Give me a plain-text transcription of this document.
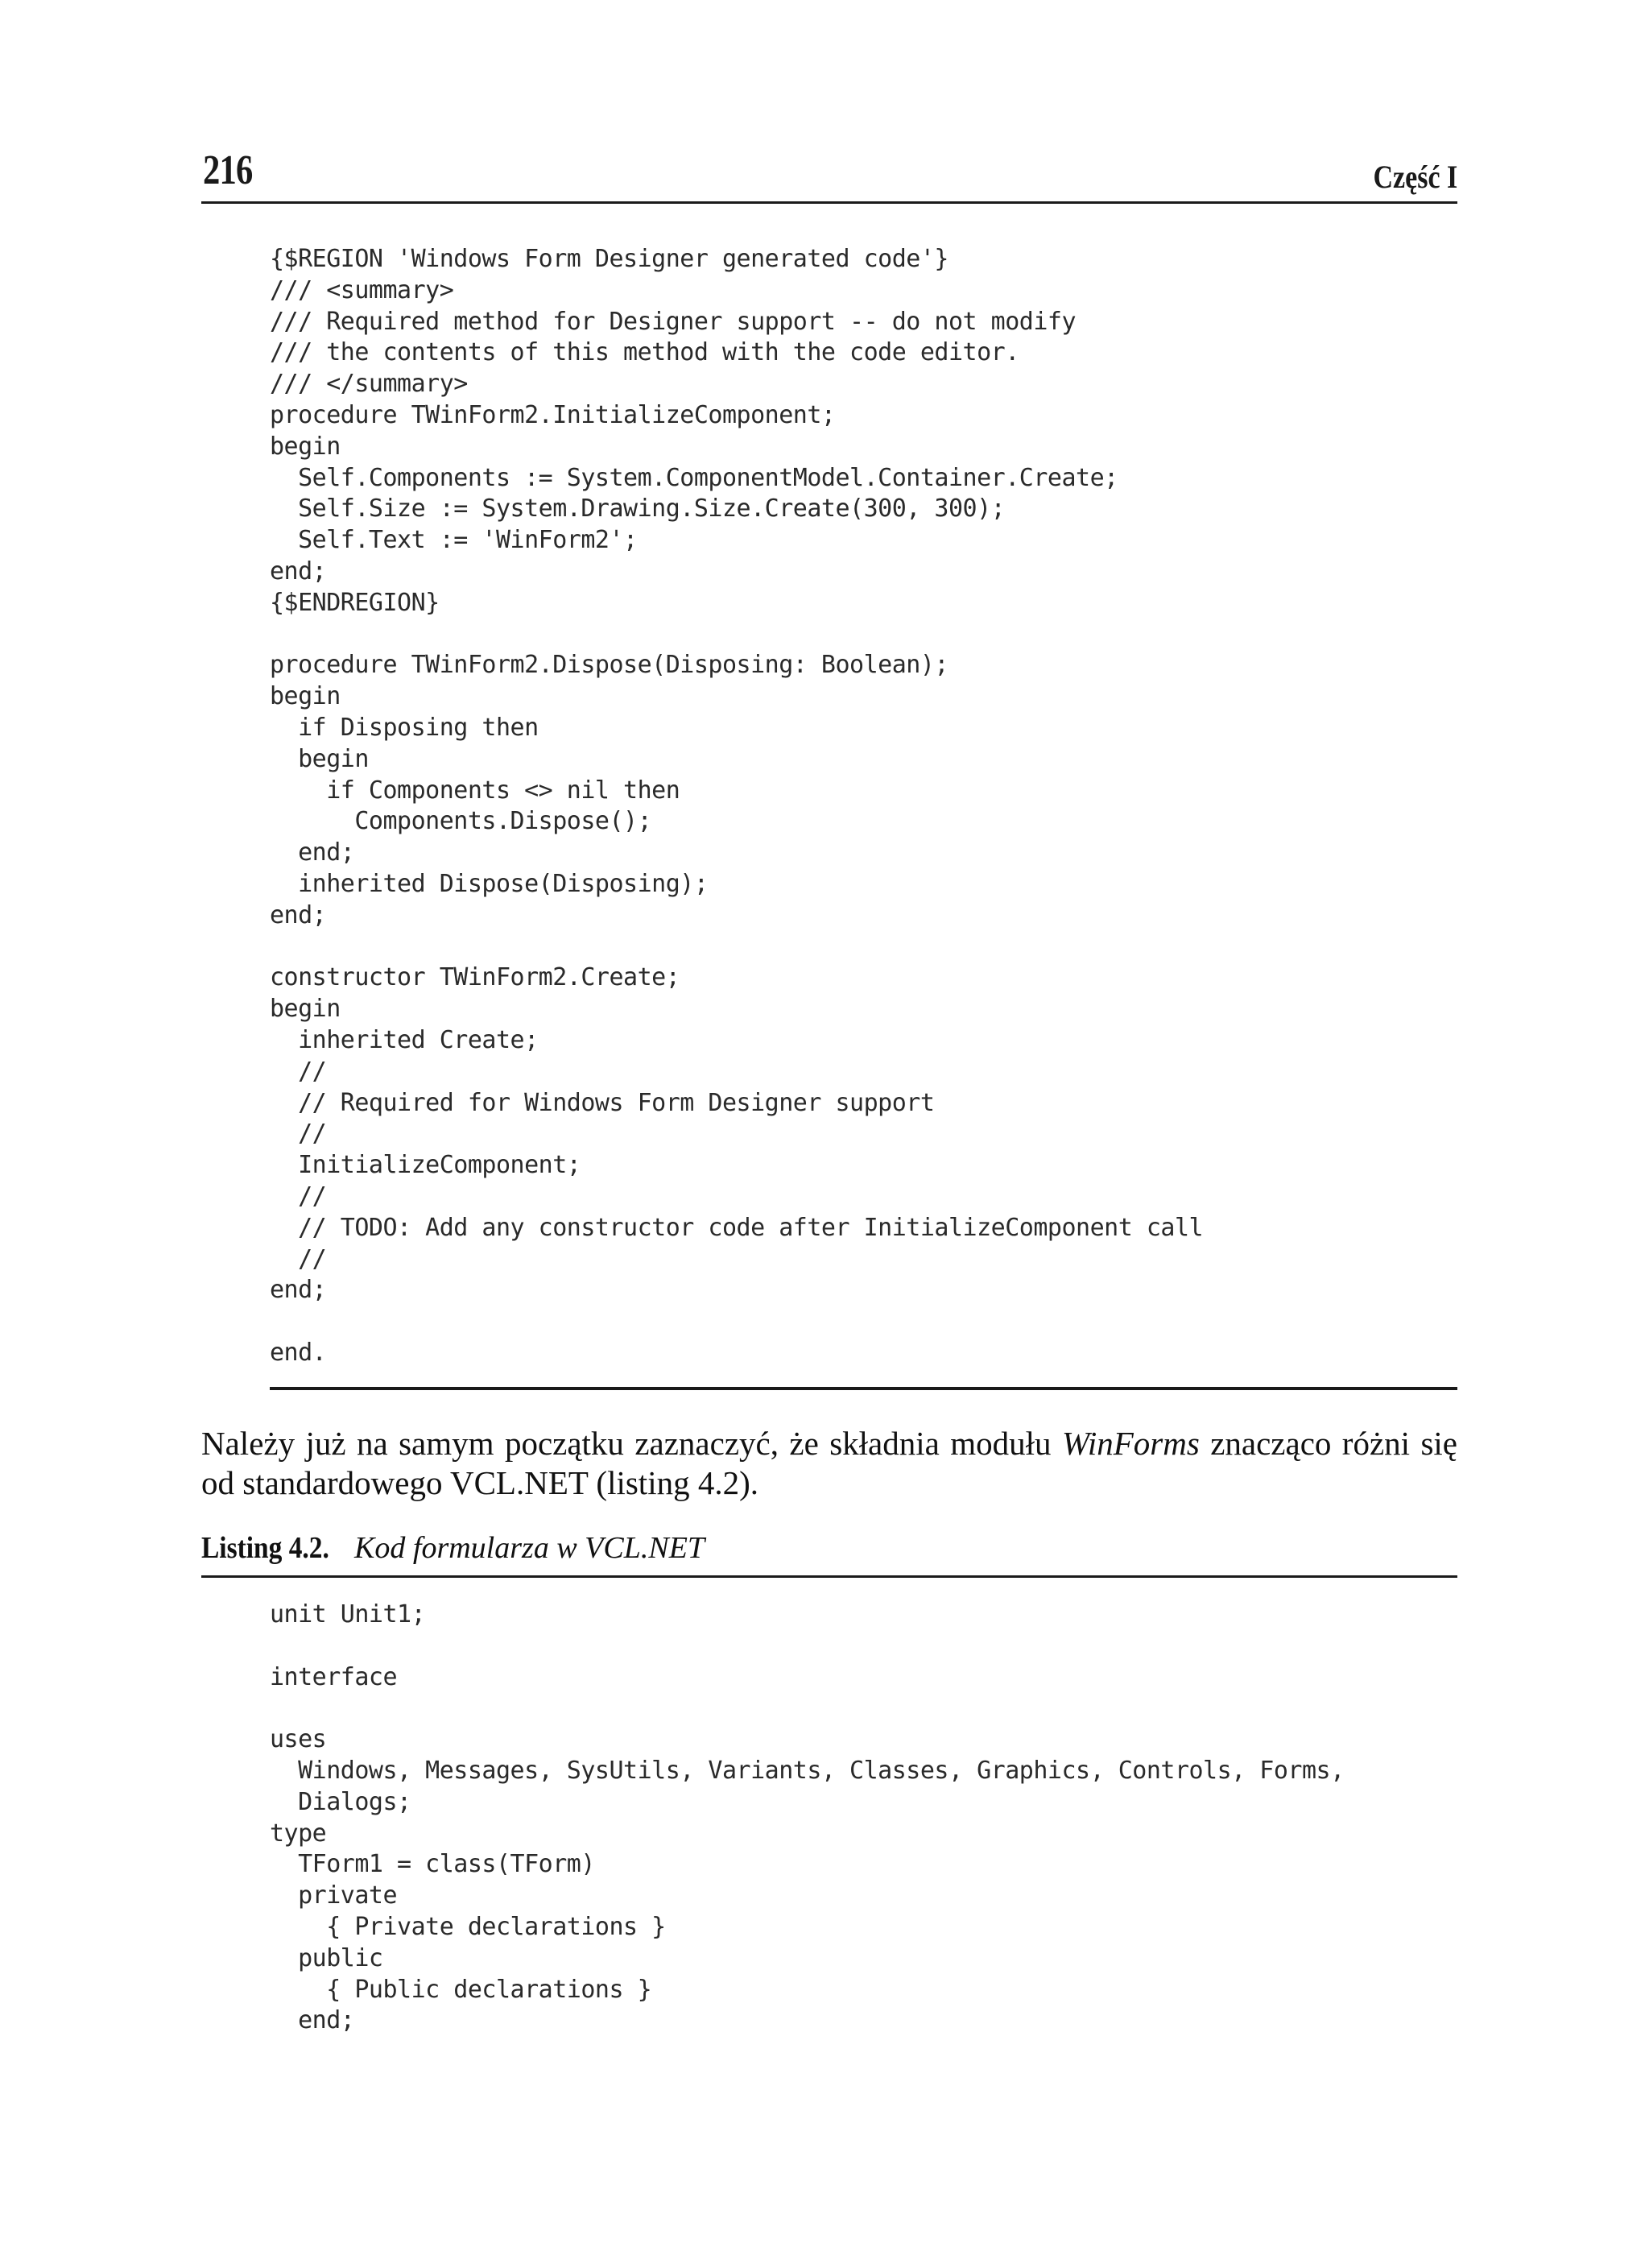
216	Część I
{$REGION 'Windows Form Designer generated code'}
/// <summary>
/// Required method for Designer support -- do not modify
/// the contents of this method with the code editor.
/// </summary>
procedure TWinForm2.InitializeComponent;
begin
Self.Components := System.ComponentModel.Container.Create;
Self.Size := System.Drawing.Size.Create(300, 300);
Self.Text := 'WinForm2';
end;
{$ENDREGION}
procedure TWinForm2.Dispose(Disposing: Boolean);
begin
if Disposing then
begin
if Components <> nil then
Components.Dispose();
end;
inherited Dispose(Disposing);
end;
constructor TWinForm2.Create;
begin
inherited Create;
//
// Required for Windows Form Designer support
//
InitializeComponent;
//
// TODO: Add any constructor code after InitializeComponent call
//
end;
end.

Należy już na samym początku zaznaczyć, że składnia modułu WinForms znacząco różni się od standardowego VCL.NET (listing 4.2).

Listing 4.2. Kod formularza w VCL.NET
unit Unit1;
interface
uses
Windows, Messages, SysUtils, Variants, Classes, Graphics, Controls, Forms,
Dialogs;
type
TForm1 = class(TForm)
private
{ Private declarations }
public
{ Public declarations }
end;
